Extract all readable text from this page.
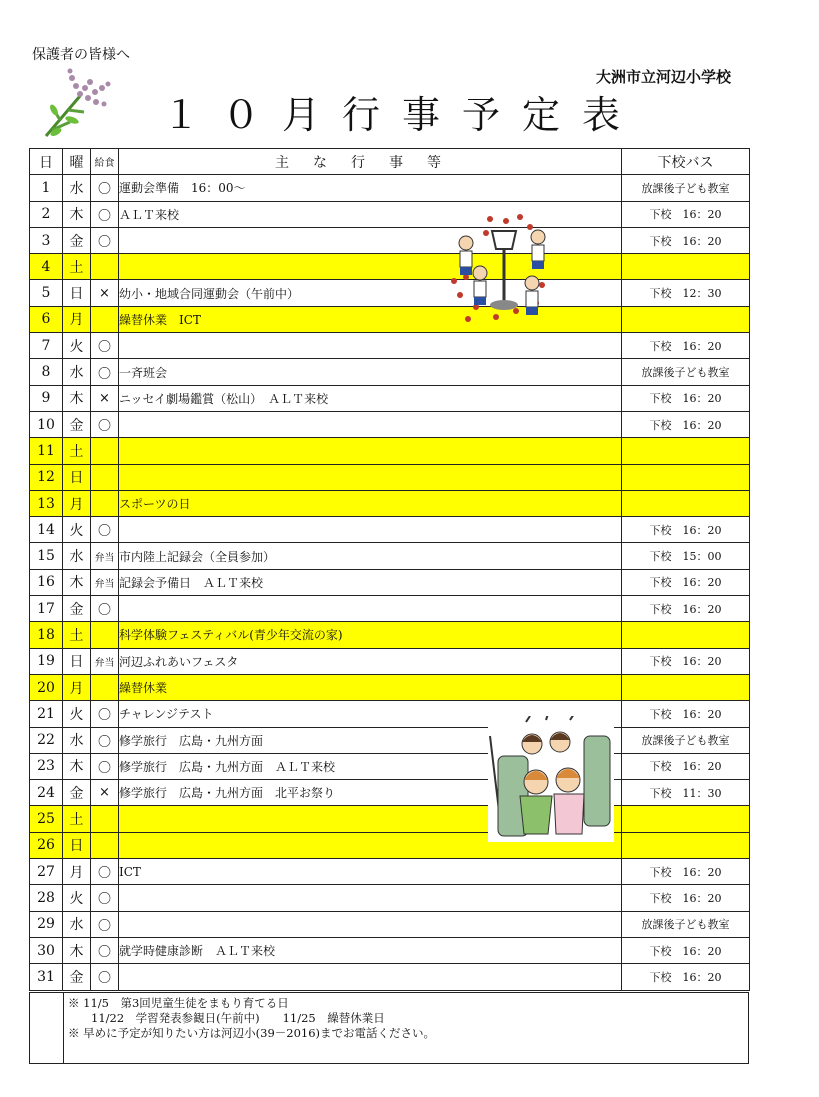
保護者の皆様へ
大洲市立河辺小学校
１０月行事予定表
日	曜	給食	主な行事等	下校バス
1	水	〇	運動会準備　16：00～	放課後子ども教室
2	木	〇	ＡＬＴ来校	下校　16：20
3	金	〇		下校　16：20
4	土			
5	日	×	幼小・地域合同運動会（午前中）	下校　12：30
6	月		繰替休業　ICT	
7	火	〇		下校　16：20
8	水	〇	一斉班会	放課後子ども教室
9	木	×	ニッセイ劇場鑑賞（松山）　ＡＬＴ来校	下校　16：20
10	金	〇		下校　16：20
11	土			
12	日			
13	月		スポーツの日	
14	火	〇		下校　16：20
15	水	弁当	市内陸上記録会（全員参加）	下校　15：00
16	木	弁当	記録会予備日　ＡＬＴ来校	下校　16：20
17	金	〇		下校　16：20
18	土		科学体験フェスティバル(青少年交流の家)	
19	日	弁当	河辺ふれあいフェスタ	下校　16：20
20	月		繰替休業	
21	火	〇	チャレンジテスト	下校　16：20
22	水	〇	修学旅行　広島・九州方面	放課後子ども教室
23	木	〇	修学旅行　広島・九州方面　ＡＬＴ来校	下校　16：20
24	金	×	修学旅行　広島・九州方面　北平お祭り	下校　11：30
25	土			
26	日			
27	月	〇	ICT	下校　16：20
28	火	〇		下校　16：20
29	水	〇		放課後子ども教室
30	木	〇	就学時健康診断　ＡＬＴ来校	下校　16：20
31	金	〇		下校　16：20
※ 11/5　第3回児童生徒をまもり育てる日
　　11/22　学習発表参観日(午前中)　　11/25　繰替休業日
※ 早めに予定が知りたい方は河辺小(39－2016)までお電話ください。
